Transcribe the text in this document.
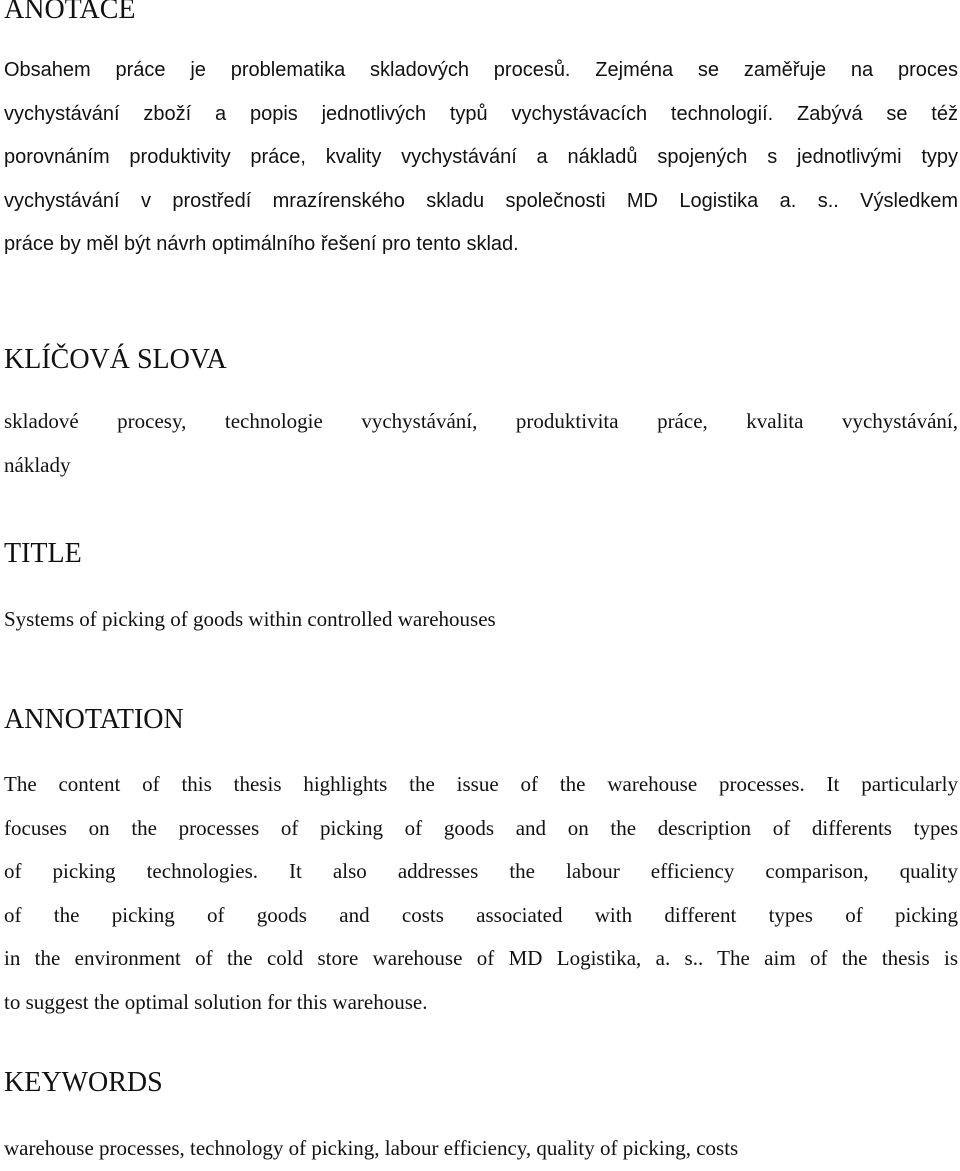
ANOTACE
Obsahem práce je problematika skladových procesů. Zejména se zaměřuje na proces
vychystávání zboží a popis jednotlivých typů vychystávacích technologií. Zabývá se též
porovnáním produktivity práce, kvality vychystávání a nákladů spojených s jednotlivými typy
vychystávání v prostředí mrazírenského skladu společnosti MD Logistika a. s.. Výsledkem
práce by měl být návrh optimálního řešení pro tento sklad.
KLÍČOVÁ SLOVA
skladové procesy, technologie vychystávání, produktivita práce, kvalita vychystávání,
náklady
TITLE
Systems of picking of goods within controlled warehouses
ANNOTATION
The content of this thesis highlights the issue of the warehouse processes. It particularly
focuses on the processes of picking of goods and on the description of differents types
of picking technologies. It also addresses the labour efficiency comparison, quality
of the picking of goods and costs associated with different types of picking
in the environment of the cold store warehouse of MD Logistika, a. s.. The aim of the thesis is
to suggest the optimal solution for this warehouse.
KEYWORDS
warehouse processes, technology of picking, labour efficiency, quality of picking, costs
